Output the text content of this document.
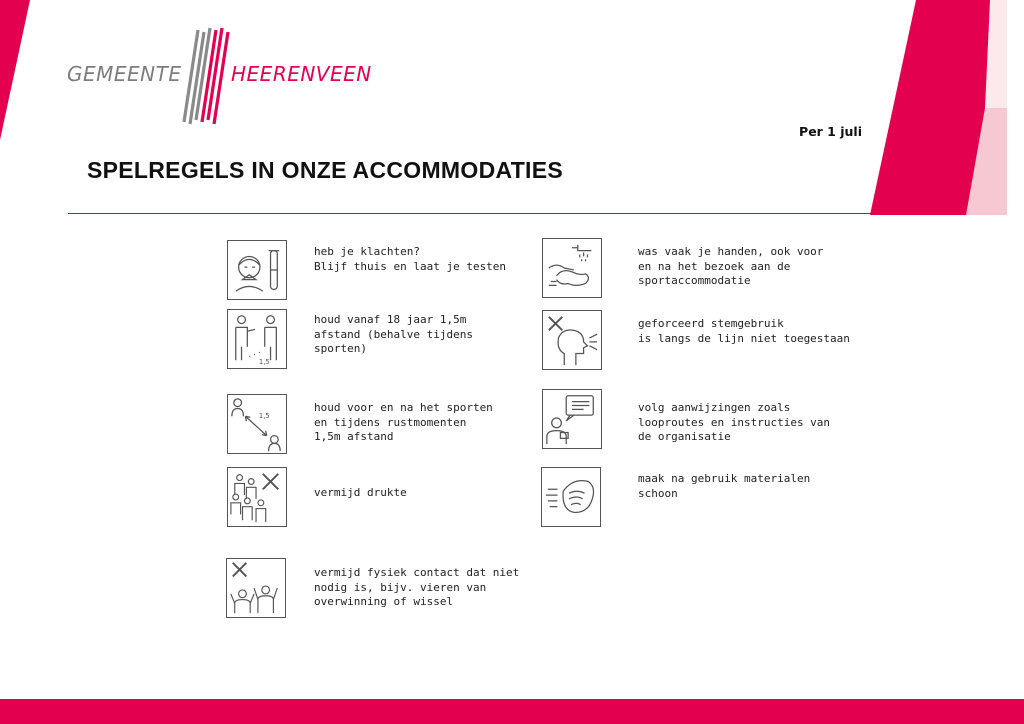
GEMEENTE HEERENVEEN
Per 1 juli
SPELREGELS IN ONZE ACCOMMODATIES
heb je klachten?
Blijf thuis en laat je testen
was vaak je handen, ook voor
en na het bezoek aan de
sportaccommodatie
1,5
houd vanaf 18 jaar 1,5m
afstand (behalve tijdens
sporten)
geforceerd stemgebruik
is langs de lijn niet toegestaan
1,5
houd voor en na het sporten
en tijdens rustmomenten
1,5m afstand
volg aanwijzingen zoals
looproutes en instructies van
de organisatie
vermijd drukte
maak na gebruik materialen
schoon
vermijd fysiek contact dat niet
nodig is, bijv. vieren van
overwinning of wissel
